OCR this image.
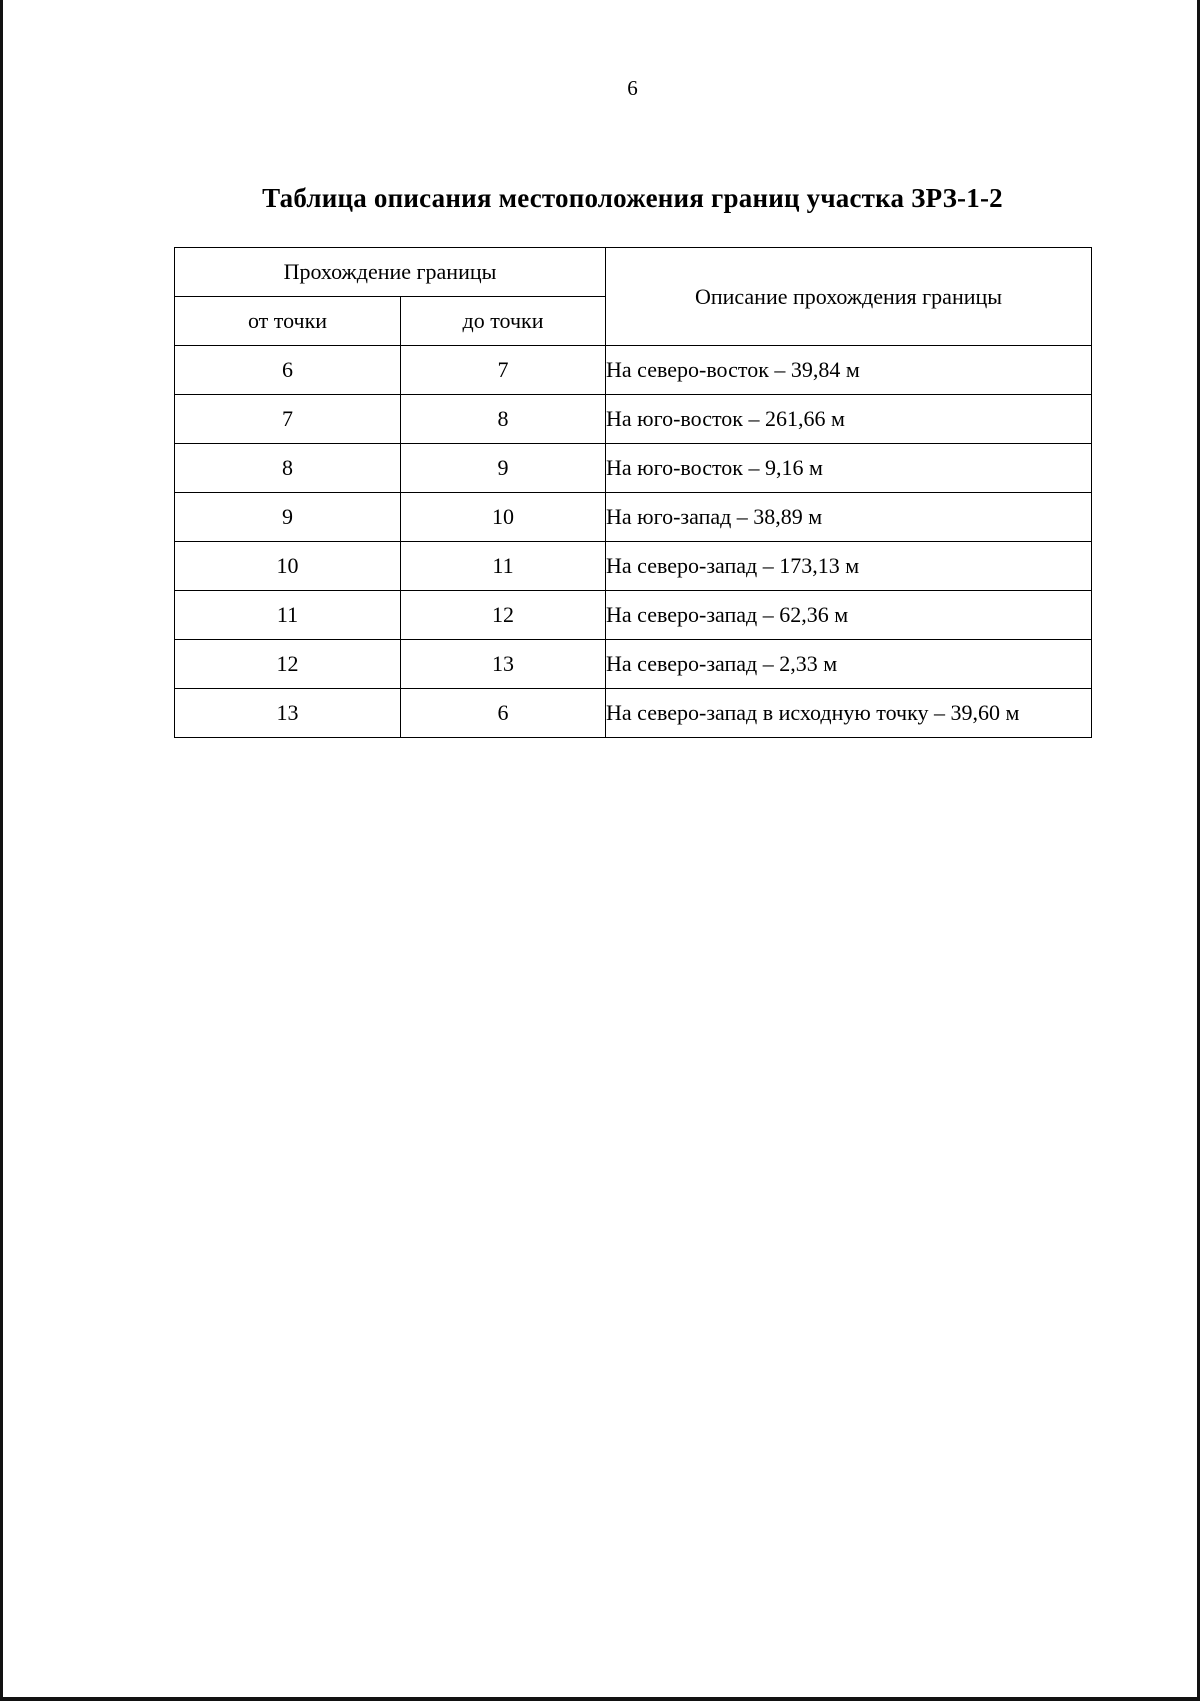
6
Таблица описания местоположения границ участка ЗРЗ-1-2
Прохождение границы		Описание прохождения границы
от точки	до точки	
6	7	На северо-восток – 39,84 м
7	8	На юго-восток – 261,66 м
8	9	На юго-восток – 9,16 м
9	10	На юго-запад – 38,89 м
10	11	На северо-запад – 173,13 м
11	12	На северо-запад – 62,36 м
12	13	На северо-запад – 2,33 м
13	6	На северо-запад в исходную точку – 39,60 м
